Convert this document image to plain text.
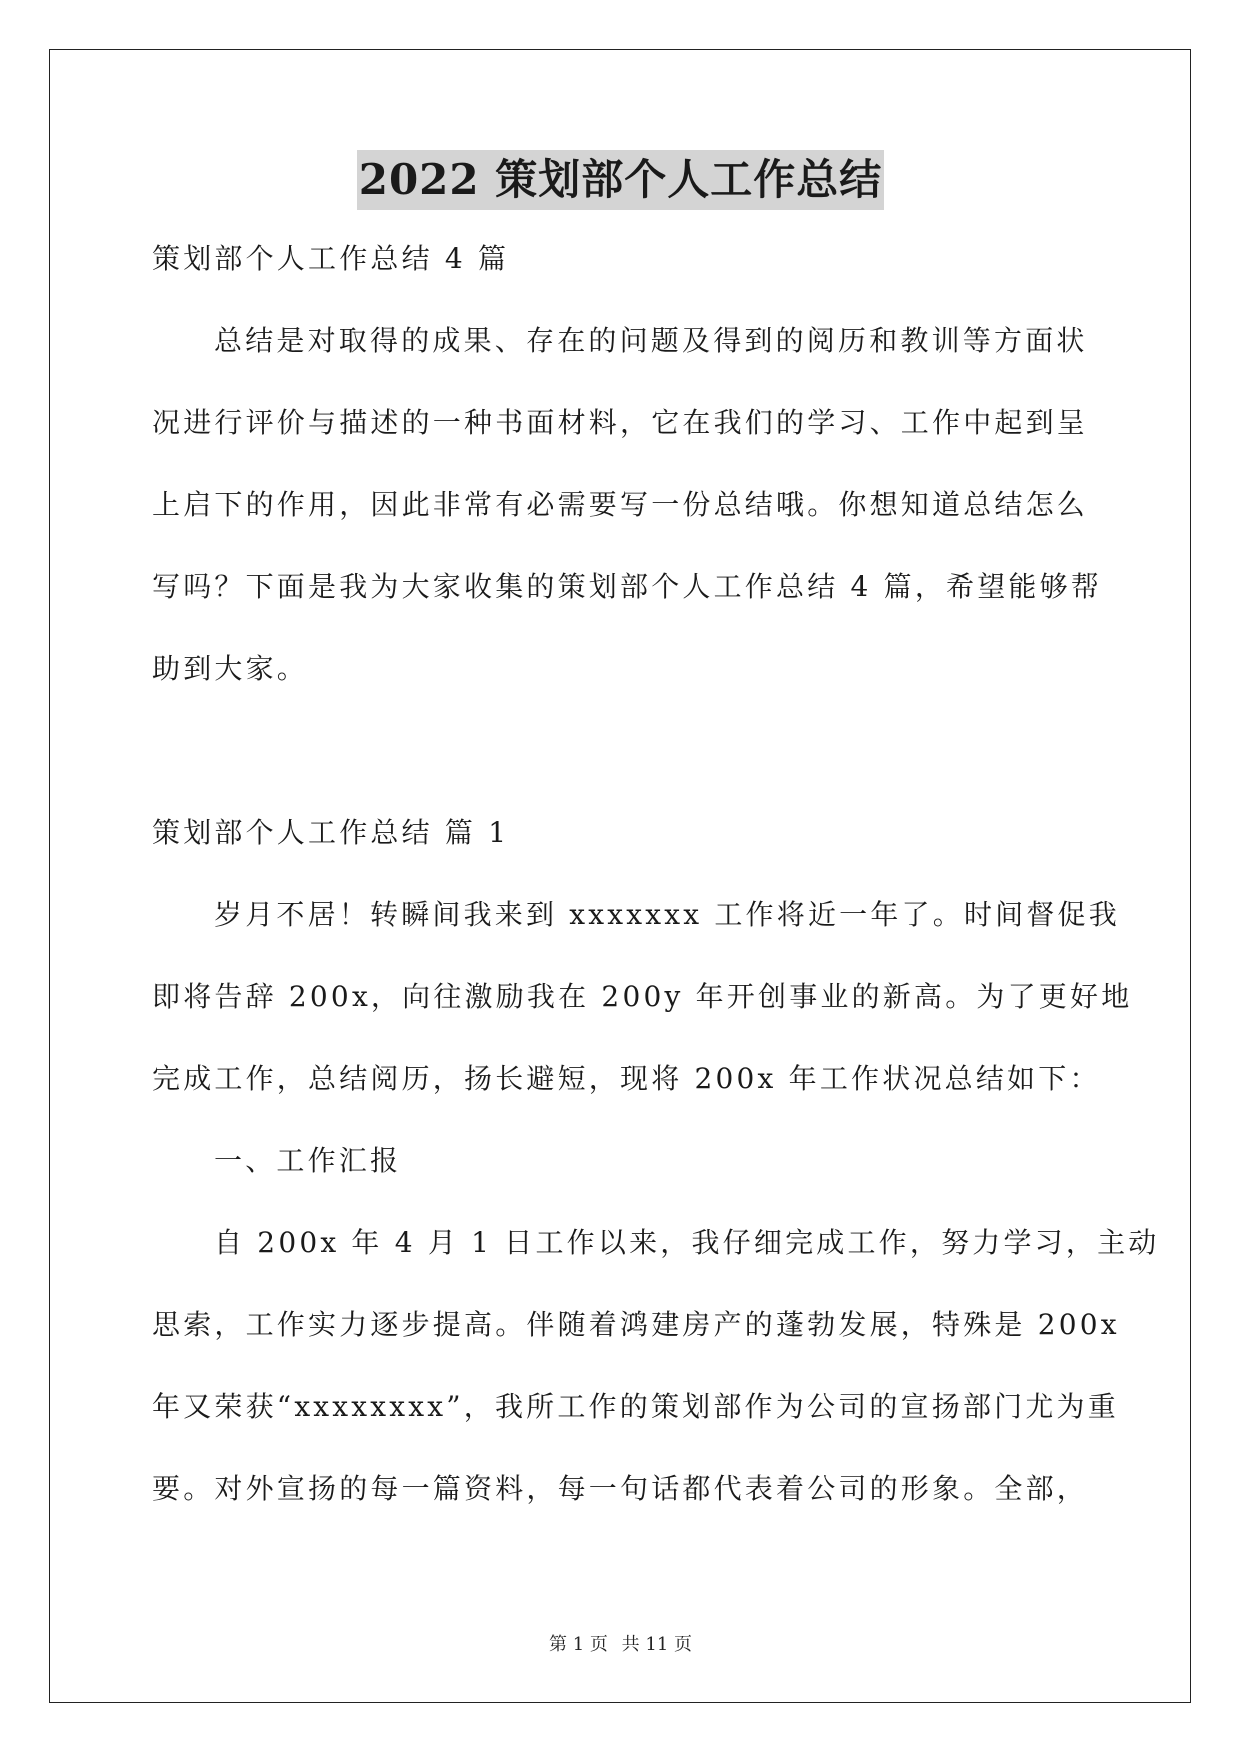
2022 策划部个人工作总结
策划部个人工作总结 4 篇
总结是对取得的成果、存在的问题及得到的阅历和教训等方面状
况进行评价与描述的一种书面材料，它在我们的学习、工作中起到呈
上启下的作用，因此非常有必需要写一份总结哦。你想知道总结怎么
写吗？下面是我为大家收集的策划部个人工作总结 4 篇，希望能够帮
助到大家。
策划部个人工作总结 篇 1
岁月不居！转瞬间我来到 xxxxxxx 工作将近一年了。时间督促我
即将告辞 200x，向往激励我在 200y 年开创事业的新高。为了更好地
完成工作，总结阅历，扬长避短，现将 200x 年工作状况总结如下：
一、工作汇报
自 200x 年 4 月 1 日工作以来，我仔细完成工作，努力学习，主动
思索，工作实力逐步提高。伴随着鸿建房产的蓬勃发展，特殊是 200x
年又荣获“xxxxxxxx”，我所工作的策划部作为公司的宣扬部门尤为重
要。对外宣扬的每一篇资料，每一句话都代表着公司的形象。全部，
第 1 页 共 11 页
